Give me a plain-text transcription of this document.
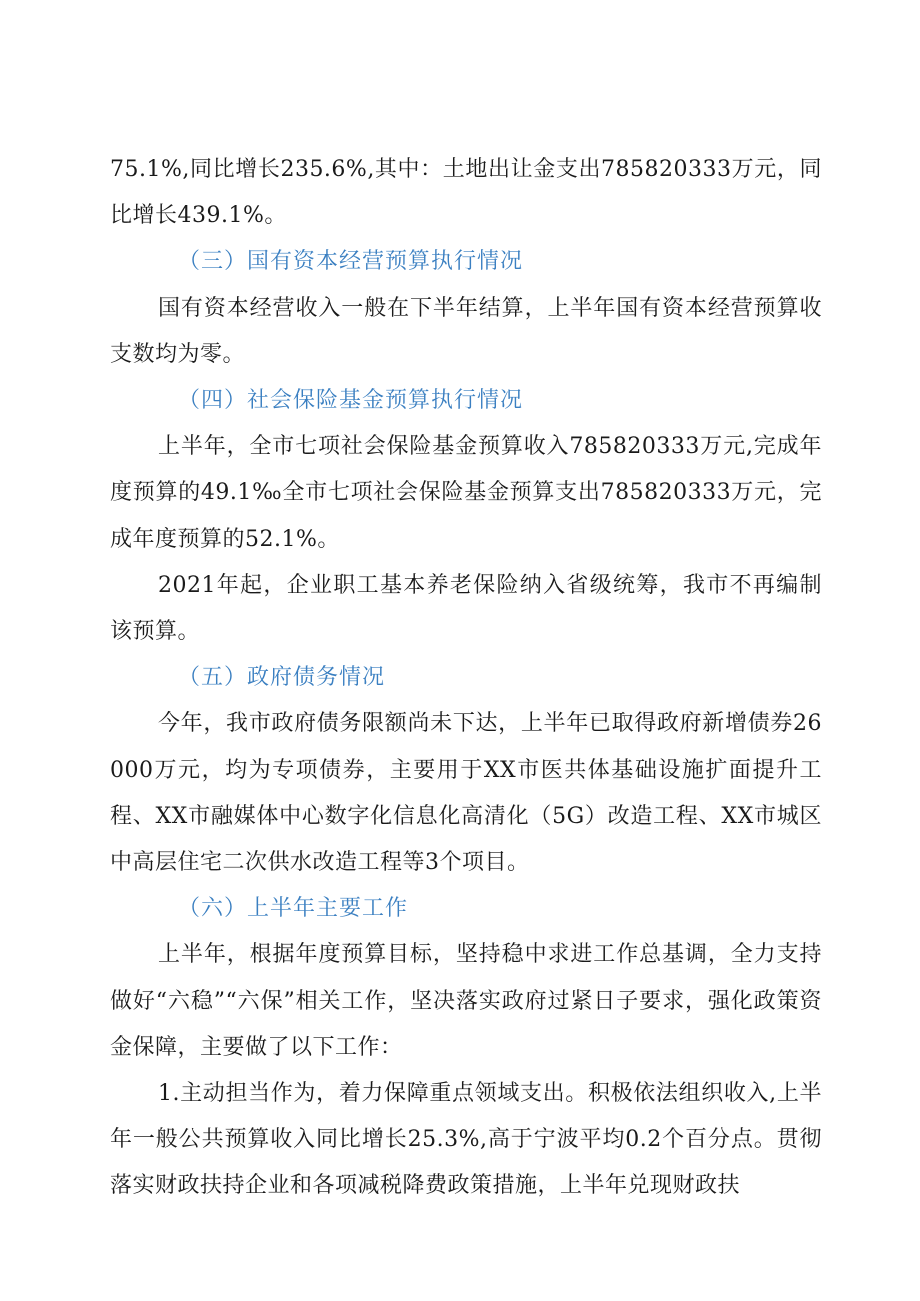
75.1%,同比增长235.6%,其中：土地出让金支出785820333万元，同比增长439.1%。

（三）国有资本经营预算执行情况

国有资本经营收入一般在下半年结算，上半年国有资本经营预算收支数均为零。

（四）社会保险基金预算执行情况

上半年，全市七项社会保险基金预算收入785820333万元,完成年度预算的49.1‰全市七项社会保险基金预算支出785820333万元，完成年度预算的52.1%。

2021年起，企业职工基本养老保险纳入省级统筹，我市不再编制该预算。

（五）政府债务情况

今年，我市政府债务限额尚未下达，上半年已取得政府新增债券26000万元，均为专项债券，主要用于XX市医共体基础设施扩面提升工程、XX市融媒体中心数字化信息化高清化（5G）改造工程、XX市城区中高层住宅二次供水改造工程等3个项目。

（六）上半年主要工作

上半年，根据年度预算目标，坚持稳中求进工作总基调，全力支持做好“六稳”“六保”相关工作，坚决落实政府过紧日子要求，强化政策资金保障，主要做了以下工作：

1.主动担当作为，着力保障重点领域支出。积极依法组织收入,上半年一般公共预算收入同比增长25.3%,高于宁波平均0.2个百分点。贯彻落实财政扶持企业和各项减税降费政策措施，上半年兑现财政扶
